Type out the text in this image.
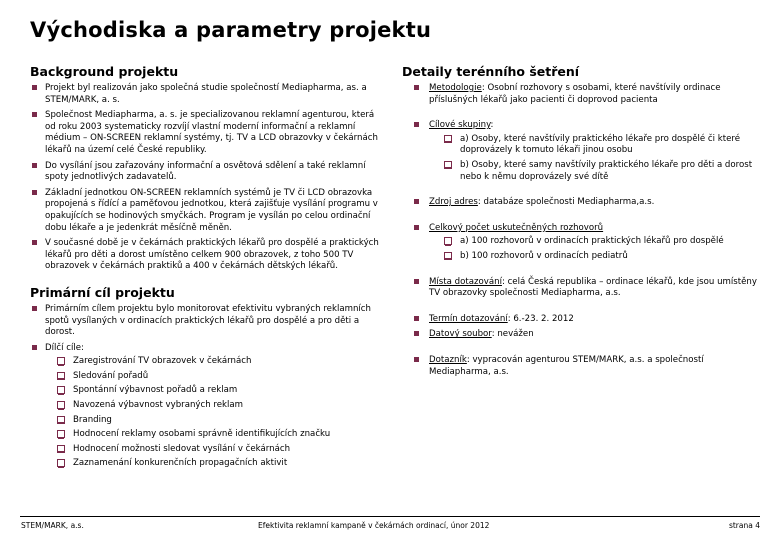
Východiska a parametry projektu
Background projektu
Projekt byl realizován jako společná studie společností Mediapharma, as. a STEM/MARK, a. s.
Společnost Mediapharma, a. s. je specializovanou reklamní agenturou, která od roku 2003 systematicky rozvíjí vlastní moderní informační a reklamní médium – ON-SCREEN reklamní systémy, tj. TV a LCD obrazovky v čekárnách lékařů na území celé České republiky.
Do vysílání jsou zařazovány informační a osvětová sdělení a také reklamní spoty jednotlivých zadavatelů.
Základní jednotkou ON-SCREEN reklamních systémů je TV či LCD obrazovka propojená s řídící a paměťovou jednotkou, která zajišťuje vysílání programu v opakujících se hodinových smyčkách. Program je vysílán po celou ordinační dobu lékaře a je jedenkrát měsíčně měněn.
V současné době je v čekárnách praktických lékařů pro dospělé a praktických lékařů pro děti a dorost umístěno celkem 900 obrazovek, z toho 500 TV obrazovek v čekárnách praktiků a 400 v čekárnách dětských lékařů.
Primární cíl projektu
Primárním cílem projektu bylo monitorovat efektivitu vybraných reklamních spotů vysílaných v ordinacích praktických lékařů pro dospělé a pro děti a dorost.
Dílčí cíle:
Zaregistrování TV obrazovek v čekárnách
Sledování pořadů
Spontánní výbavnost pořadů a reklam
Navozená výbavnost vybraných reklam
Branding
Hodnocení reklamy osobami správně identifikujících značku
Hodnocení možnosti sledovat vysílání v čekárnách
Zaznamenání konkurenčních propagačních aktivit
Detaily terénního šetření
Metodologie: Osobní rozhovory s osobami, které navštívily ordinace příslušných lékařů jako pacienti či doprovod pacienta
Cílové skupiny:
a) Osoby, které navštívily praktického lékaře pro dospělé či které doprovázely k tomuto lékaři jinou osobu
b) Osoby, které samy navštívily praktického lékaře pro děti a dorost nebo k němu doprovázely své dítě
Zdroj adres: databáze společnosti Mediapharma,a.s.
Celkový počet uskutečněných rozhovorů
a) 100 rozhovorů v ordinacích praktických lékařů pro dospělé
b) 100 rozhovorů v ordinacích pediatrů
Místa dotazování: celá Česká republika – ordinace lékařů, kde jsou umístěny TV obrazovky společnosti Mediapharma, a.s.
Termín dotazování: 6.-23. 2. 2012
Datový soubor: nevážen
Dotazník: vypracován agenturou STEM/MARK, a.s. a společností Mediapharma, a.s.
STEM/MARK, a.s.	Efektivita reklamní kampaně v čekárnách ordinací, únor 2012	strana 4
